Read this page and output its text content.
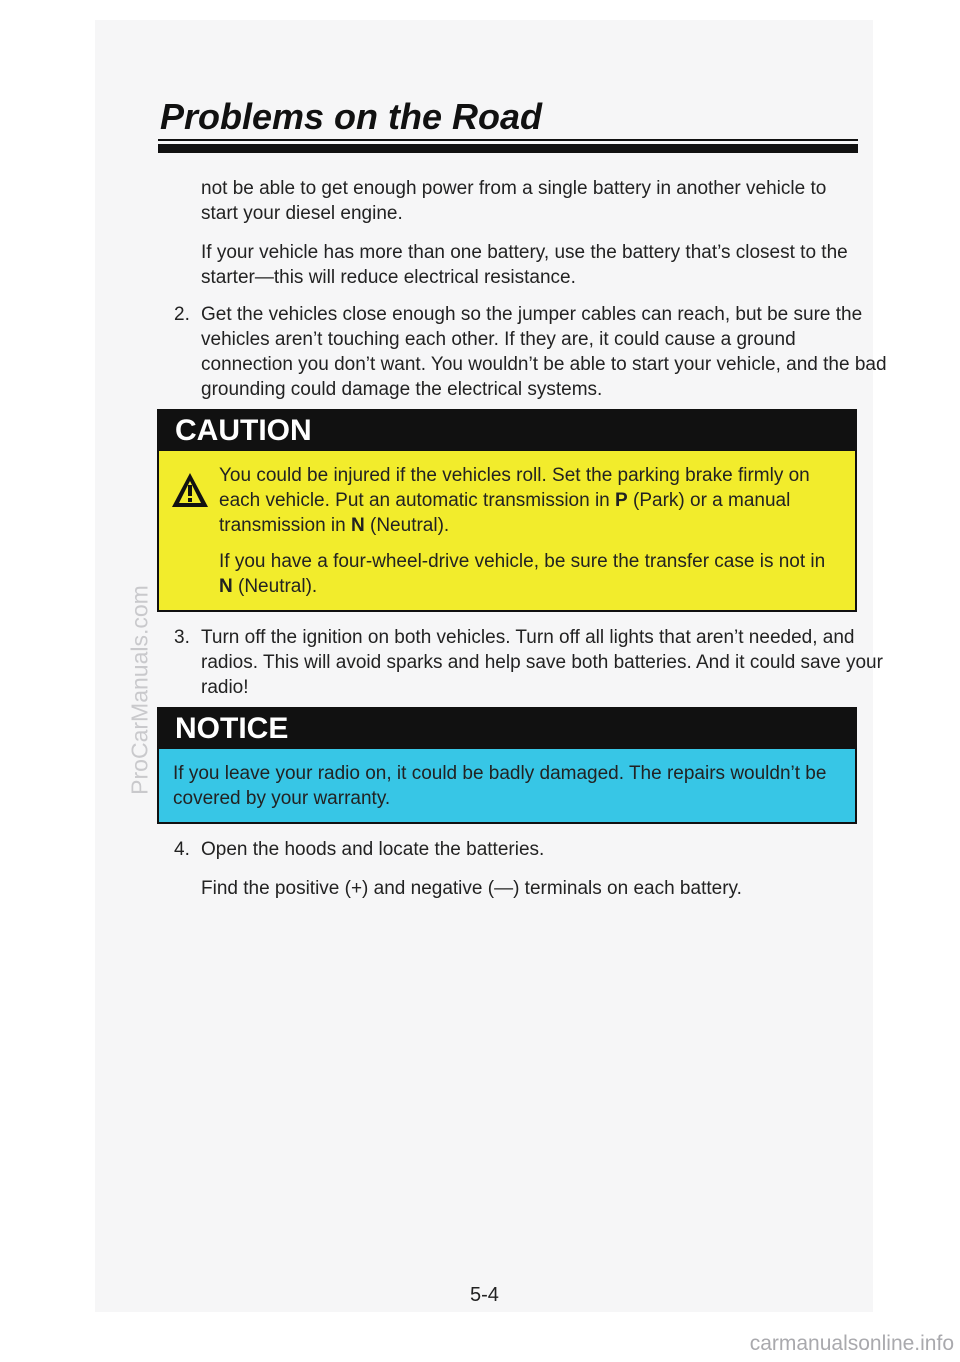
Problems on the Road

not be able to get enough power from a single battery in another vehicle to start your diesel engine.

If your vehicle has more than one battery, use the battery that’s closest to the starter—this will reduce electrical resistance.

2. Get the vehicles close enough so the jumper cables can reach, but be sure the vehicles aren’t touching each other. If they are, it could cause a ground connection you don’t want. You wouldn’t be able to start your vehicle, and the bad grounding could damage the electrical systems.
CAUTION

You could be injured if the vehicles roll. Set the parking brake firmly on each vehicle. Put an automatic transmission in P (Park) or a manual transmission in N (Neutral).

If you have a four-wheel-drive vehicle, be sure the transfer case is not in N (Neutral).

3. Turn off the ignition on both vehicles. Turn off all lights that aren’t needed, and radios. This will avoid sparks and help save both batteries. And it could save your radio!
NOTICE

If you leave your radio on, it could be badly damaged. The repairs wouldn’t be covered by your warranty.

4. Open the hoods and locate the batteries.

Find the positive (+) and negative (—) terminals on each battery.

5-4
ProCarManuals.com
carmanualsonline.info
